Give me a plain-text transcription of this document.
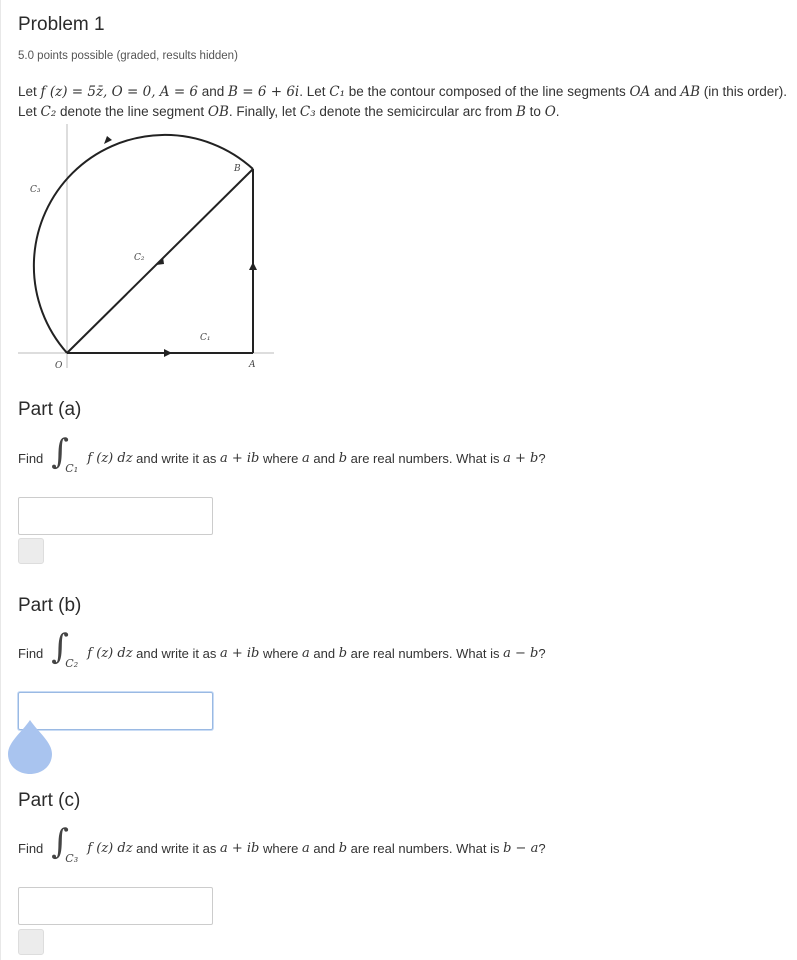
Problem 1
5.0 points possible (graded, results hidden)
Let f (z) = 5z̄, O = 0, A = 6 and B = 6 + 6i. Let C₁ be the contour composed of the line segments OA and AB (in this order). Let C₂ denote the line segment OB. Finally, let C₃ denote the semicircular arc from B to O.
C₃
C₂
C₁
B
O	A
Part (a)
Find ∫
C₁
f (z) dz and write it as a + ib where a and b are real numbers. What is a + b ?
Part (b)
Find ∫
C₂
f (z) dz and write it as a + ib where a and b are real numbers. What is a − b ?
Part (c)
Find ∫
C₃
f (z) dz and write it as a + ib where a and b are real numbers. What is b − a ?
